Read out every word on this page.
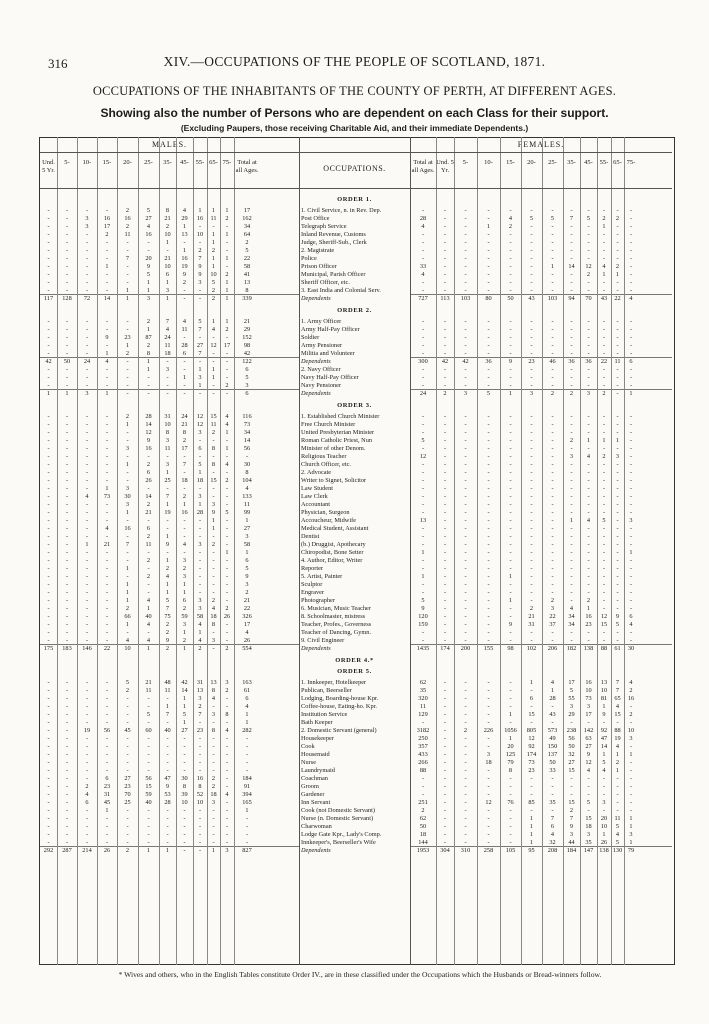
316	XIV.—OCCUPATIONS OF THE PEOPLE OF SCOTLAND, 1871.
OCCUPATIONS OF THE INHABITANTS OF THE COUNTY OF PERTH, AT DIFFERENT AGES.
Showing also the number of Persons who are dependent on each Class for their support.
(Excluding Paupers, those receiving Charitable Aid, and their immediate Dependents.)
MALES.	FEMALES.
OCCUPATIONS.
Und. 5 Yr.
5-	10-	15-	20-	25-	35-	45-	55- 65- 75- Total at all Ages.
Total at all Ages.
Und. 5 Yr.
5-	10-	15-	20-	25-	35-	45-	55- 65- 75-
ORDER 1.
-	-	-	-	2	5	8	4	1	1	1	17	1. Civil Service, n. in Rev. Dep.	-	-	-	-	-	-	-	-	-	-	-	-
-	-	3	16	16	27	21	29	16	11	2	162	Post Office	28	-	-	-	4	5	5	7	5	2	2	-
-	-	3	17	2	4	2	1	-	-	-	34	Telegraph Service	4	-	-	1	2	-	-	-	-	1	-	-
-	-	-	2	11	16	10	13	10	1	1	64	Inland Revenue, Customs	-	-	-	-	-	-	-	-	-	-	-	-
-	-	-	-	-	-	1	-	-	1	-	2	Judge, Sheriff-Sub., Clerk	-	-	-	-	-	-	-	-	-	-	-	-
-	-	-	-	-	-	-	1	2	2	-	5	2. Magistrate	-	-	-	-	-	-	-	-	-	-	-	-
-	-	-	-	7	20	21	16	7	1	1	22	Police	-	-	-	-	-	-	-	-	-	-	-	-
-	-	-	1	-	9	10	19	9	1	-	58	Prison Officer	33	-	-	-	-	-	1	14	12	4	2	-
-	-	-	-	-	5	6	9	9	10	2	41	Municipal, Parish Officer	4	-	-	-	-	-	-	-	2	1	1	-
-	-	-	-	-	1	1	2	3	5	1	13	Sheriff Officer, etc.	-	-	-	-	-	-	-	-	-	-	-	-
-	-	-	-	1	1	3	-	-	2	1	8	3. East India and Colonial Serv.	-	-	-	-	-	-	-	-	-	-	-	-
117	128	72	14	1	3	1	-	-	2	1	339	Dependents	727	113	103	80	50	43	103	94	70	43	22	4
ORDER 2.
-	-	-	-	-	2	7	4	5	1	1	21	1. Army Officer	-	-	-	-	-	-	-	-	-	-	-	-
-	-	-	-	-	1	4	11	7	4	2	29	Army Half-Pay Officer	-	-	-	-	-	-	-	-	-	-	-	-
-	-	-	9	23	87	24	-	-	-	-	152	Soldier	-	-	-	-	-	-	-	-	-	-	-	-
-	-	-	-	1	2	11	28	27	12	17	98	Army Pensioner	-	-	-	-	-	-	-	-	-	-	-	-
-	-	-	1	2	8	18	6	7	-	-	42	Militia and Volunteer	-	-	-	-	-	-	-	-	-	-	-	-
42	50	24	4	-	1	-	-	-	-	-	122	Dependents	300	42	42	36	9	23	46	36	36	22	11	6
-	-	-	-	-	1	3	-	1	1	-	6	2. Navy Officer	-	-	-	-	-	-	-	-	-	-	-	-
-	-	-	-	-	-	-	1	3	1	-	5	Navy Half-Pay Officer	-	-	-	-	-	-	-	-	-	-	-	-
-	-	-	-	-	-	-	-	1	-	2	3	Navy Pensioner	-	-	-	-	-	-	-	-	-	-	-	-
1	1	3	1	-	-	-	-	-	-	-	6	Dependents	24	2	3	5	1	3	2	2	3	2	-	1
ORDER 3.
-	-	-	-	2	28	31	24	12	15	4	116	1. Established Church Minister	-	-	-	-	-	-	-	-	-	-	-	-
-	-	-	-	1	14	10	21	12	11	4	73	Free Church Minister	-	-	-	-	-	-	-	-	-	-	-	-
-	-	-	-	-	12	8	8	3	2	1	34	United Presbyterian Minister	-	-	-	-	-	-	-	-	-	-	-	-
-	-	-	-	-	9	3	2	-	-	-	14	Roman Catholic Priest, Nun	5	-	-	-	-	-	-	2	1	1	1	-
-	-	-	-	3	16	11	17	6	8	1	56	Minister of other Denom.	-	-	-	-	-	-	-	-	-	-	-	-
-	-	-	-	-	-	-	-	-	-	-	-	Religious Teacher	12	-	-	-	-	-	-	3	4	2	3	-
-	-	-	-	1	2	3	7	5	8	4	30	Church Officer, etc.	-	-	-	-	-	-	-	-	-	-	-	-
-	-	-	-	-	6	1	-	1	-	-	8	2. Advocate	-	-	-	-	-	-	-	-	-	-	-	-
-	-	-	-	-	26	25	18	18	15	2	104	Writer to Signet, Solicitor	-	-	-	-	-	-	-	-	-	-	-	-
-	-	-	1	3	-	-	-	-	-	-	4	Law Student	-	-	-	-	-	-	-	-	-	-	-	-
-	-	4	73	30	14	7	2	3	-	-	133	Law Clerk	-	-	-	-	-	-	-	-	-	-	-	-
-	-	-	-	3	2	1	1	1	3	-	11	Accountant	-	-	-	-	-	-	-	-	-	-	-	-
-	-	-	-	1	21	19	16	28	9	5	99	Physician, Surgeon	-	-	-	-	-	-	-	-	-	-	-	-
-	-	-	-	-	-	-	-	-	1	-	1	Accoucheur, Midwife	13	-	-	-	-	-	-	1	4	5	-	3
-	-	-	4	16	6	-	-	-	1	-	27	Medical Student, Assistant	-	-	-	-	-	-	-	-	-	-	-	-
-	-	-	-	-	2	1	-	-	-	-	3	Dentist	-	-	-	-	-	-	-	-	-	-	-	-
-	-	1	21	7	11	9	4	3	2	-	58	(b.) Druggist, Apothecary	-	-	-	-	-	-	-	-	-	-	-	-
-	-	-	-	-	-	-	-	-	-	1	1	Chiropodist, Bone Setter	1	-	-	-	-	-	-	-	-	-	-	1
-	-	-	-	-	2	1	3	-	-	-	6	4. Author, Editor, Writer	-	-	-	-	-	-	-	-	-	-	-	-
-	-	-	-	1	-	2	2	-	-	-	5	Reporter	-	-	-	-	-	-	-	-	-	-	-	-
-	-	-	-	-	2	4	3	-	-	-	9	5. Artist, Painter	1	-	-	-	1	-	-	-	-	-	-	-
-	-	-	-	1	-	1	1	-	-	-	3	Sculptor	-	-	-	-	-	-	-	-	-	-	-	-
-	-	-	-	1	-	1	1	-	-	-	2	Engraver	-	-	-	-	-	-	-	-	-	-	-	-
-	-	-	-	1	4	5	6	3	2	-	21	Photographer	5	-	-	-	1	-	2	-	2	-	-	-
-	-	-	-	2	1	7	2	3	4	2	22	6. Musician, Music Teacher	9	-	-	-	-	2	3	4	1	-	-	-
-	-	-	-	66	40	75	59	58	18	26	326	8. Schoolmaster, mistress	120	-	-	-	-	21	22	34	16	12	9	6
-	-	-	-	1	4	2	3	4	8	-	17	Teacher, Profes., Governess	159	-	-	-	9	31	37	34	23	15	5	4
-	-	-	-	-	-	2	1	1	-	-	4	Teacher of Dancing, Gymn.	-	-	-	-	-	-	-	-	-	-	-	-
-	-	-	-	4	4	9	2	4	3	-	26	9. Civil Engineer	-	-	-	-	-	-	-	-	-	-	-	-
175	183	146	22	10	1	2	1	2	-	2	554	Dependents	1435	174	200	155	98	102	206	182	138	88	61	30
ORDER 4.*
ORDER 5.
-	-	-	-	5	21	48	42	31	13	3	163	1. Innkeeper, Hotelkeeper	62	-	-	-	-	1	4	17	16	13	7	4
-	-	-	-	2	11	11	14	13	8	2	61	Publican, Beerseller	35	-	-	-	-	-	1	5	10	10	7	2
-	-	-	-	-	-	-	1	3	4	-	6	Lodging, Boarding-house Kpr.	320	-	-	-	-	6	28	55	73	81	65	16
-	-	-	-	-	-	1	1	2	-	-	4	Coffee-house, Eating-ho. Kpr.	11	-	-	-	-	-	-	3	3	1	4	-
-	-	-	-	-	5	7	5	7	3	8	1	Institution Service	129	-	-	-	1	15	43	29	17	9	15	2
-	-	-	-	-	-	-	1	-	-	-	1	Bath Keeper	-	-	-	-	-	-	-	-	-	-	-	-
-	-	19	56	45	60	40	27	23	8	4	282	2. Domestic Servant (general)	3182	-	2	226	1056	805	573	238	142	92	88	10
-	-	-	-	-	-	-	-	-	-	-	-	Housekeeper	250	-	-	-	1	12	49	56	63	47	19	3
-	-	-	-	-	-	-	-	-	-	-	-	Cook	357	-	-	-	20	92	150	50	27	14	4	-
-	-	-	-	-	-	-	-	-	-	-	-	Housemaid	433	-	-	3	125	174	137	32	9	1	1	1
-	-	-	-	-	-	-	-	-	-	-	-	Nurse	266	-	-	18	79	73	50	27	12	5	2	-
-	-	-	-	-	-	-	-	-	-	-	-	Laundrymaid	88	-	-	-	8	23	33	15	4	4	1	-
-	-	-	6	27	56	47	30	16	2	-	184	Coachman	-	-	-	-	-	-	-	-	-	-	-	-
-	-	2	23	23	15	9	8	8	2	-	91	Groom	-	-	-	-	-	-	-	-	-	-	-	-
-	-	4	31	70	59	53	39	52	18	4	394	Gardener	-	-	-	-	-	-	-	-	-	-	-	-
-	-	6	45	25	40	28	10	10	3	-	165	Inn Servant	251	-	-	12	76	85	35	15	5	3	-	-
-	-	-	1	-	-	-	-	-	-	-	1	Cook (not Domestic Servant)	2	-	-	-	-	-	-	2	-	-	-	-
-	-	-	-	-	-	-	-	-	-	-	-	Nurse (n. Domestic Servant)	62	-	-	-	-	1	7	7	15	20	11	1
-	-	-	-	-	-	-	-	-	-	-	-	Charwoman	50	-	-	-	-	1	6	9	18	10	5	1
-	-	-	-	-	-	-	-	-	-	-	-	Lodge Gate Kpr., Lady's Comp.	18	-	-	-	-	1	4	3	3	1	4	3
-	-	-	-	-	-	-	-	-	-	-	-	Innkeeper's, Beerseller's Wife	144	-	-	-	-	1	32	44	35	26	5	1
292	287	214	26	2	1	1	-	-	1	3	827	Dependents	1953	304	310	258	105	95	208	184	147 138 130 79
* Wives and others, who in the English Tables constitute Order IV., are in these classified under the Occupations which the Husbands or Bread-winners follow.
